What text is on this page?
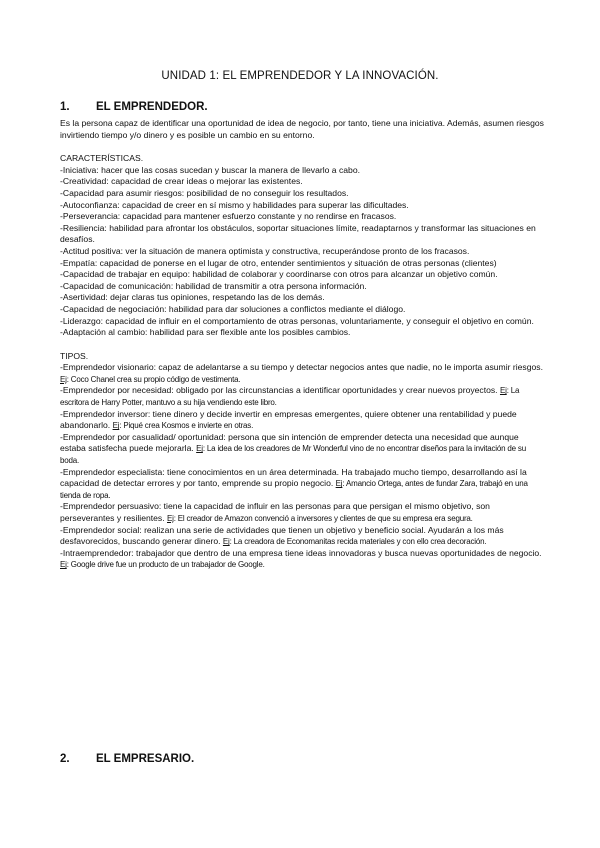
UNIDAD 1: EL EMPRENDEDOR Y LA INNOVACIÓN.
1. EL EMPRENDEDOR.

Es la persona capaz de identificar una oportunidad de idea de negocio, por tanto, tiene una iniciativa. Además, asumen riesgos invirtiendo tiempo y/o dinero y es posible un cambio en su entorno.

CARACTERÍSTICAS.

-Iniciativa: hacer que las cosas sucedan y buscar la manera de llevarlo a cabo.

-Creatividad: capacidad de crear ideas o mejorar las existentes.

-Capacidad para asumir riesgos: posibilidad de no conseguir los resultados.

-Autoconfianza: capacidad de creer en sí mismo y habilidades para superar las dificultades.

-Perseverancia: capacidad para mantener esfuerzo constante y no rendirse en fracasos.

-Resiliencia: habilidad para afrontar los obstáculos, soportar situaciones límite, readaptarnos y transformar las situaciones en desafíos.

-Actitud positiva: ver la situación de manera optimista y constructiva, recuperándose pronto de los fracasos.

-Empatía: capacidad de ponerse en el lugar de otro, entender sentimientos y situación de otras personas (clientes)

-Capacidad de trabajar en equipo: habilidad de colaborar y coordinarse con otros para alcanzar un objetivo común.

-Capacidad de comunicación: habilidad de transmitir a otra persona información.

-Asertividad: dejar claras tus opiniones, respetando las de los demás.

-Capacidad de negociación: habilidad para dar soluciones a conflictos mediante el diálogo.

-Liderazgo: capacidad de influir en el comportamiento de otras personas, voluntariamente, y conseguir el objetivo en común.

-Adaptación al cambio: habilidad para ser flexible ante los posibles cambios.

TIPOS.

-Emprendedor visionario: capaz de adelantarse a su tiempo y detectar negocios antes que nadie, no le importa asumir riesgos. Ej: Coco Chanel crea su propio código de vestimenta.

-Emprendedor por necesidad: obligado por las circunstancias a identificar oportunidades y crear nuevos proyectos. Ej: La escritora de Harry Potter, mantuvo a su hija vendiendo este libro.

-Emprendedor inversor: tiene dinero y decide invertir en empresas emergentes, quiere obtener una rentabilidad y puede abandonarlo. Ej: Piqué crea Kosmos e invierte en otras.

-Emprendedor por casualidad/ oportunidad: persona que sin intención de emprender detecta una necesidad que aunque estaba satisfecha puede mejorarla. Ej: La idea de los creadores de Mr Wonderful vino de no encontrar diseños para la invitación de su boda.

-Emprendedor especialista: tiene conocimientos en un área determinada. Ha trabajado mucho tiempo, desarrollando así la capacidad de detectar errores y por tanto, emprende su propio negocio. Ej: Amancio Ortega, antes de fundar Zara, trabajó en una tienda de ropa.

-Emprendedor persuasivo: tiene la capacidad de influir en las personas para que persigan el mismo objetivo, son perseverantes y resilientes. Ej: El creador de Amazon convenció a inversores y clientes de que su empresa era segura.

-Emprendedor social: realizan una serie de actividades que tienen un objetivo y beneficio social. Ayudarán a los más desfavorecidos, buscando generar dinero. Ej: La creadora de Economanitas recida materiales y con ello crea decoración.

-Intraemprendedor: trabajador que dentro de una empresa tiene ideas innovadoras y busca nuevas oportunidades de negocio. Ej: Google drive fue un producto de un trabajador de Google.

2. EL EMPRESARIO.
